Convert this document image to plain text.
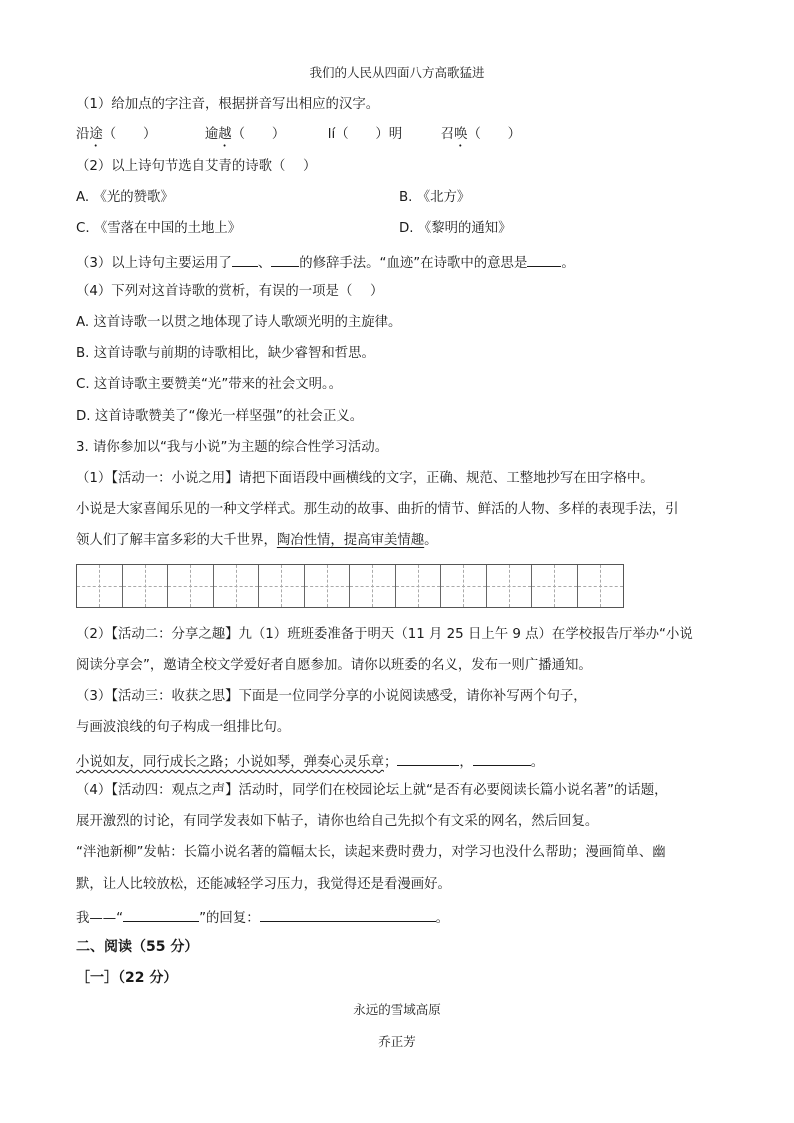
我们的人民从四面八方高歌猛进
（1）给加点的字注音，根据拼音写出相应的汉字。
沿途（　　）	逾越（　　）	lí（　　）明	召唤（　　）
（2）以上诗句节选自艾青的诗歌（　 ）
A. 《光的赞歌》	B. 《北方》
C. 《雪落在中国的土地上》	D. 《黎明的通知》
（3）以上诗句主要运用了 、 的修辞手法。“血迹”在诗歌中的意思是	。
（4）下列对这首诗歌的赏析，有误的一项是（　 ）
A. 这首诗歌一以贯之地体现了诗人歌颂光明的主旋律。
B. 这首诗歌与前期的诗歌相比，缺少睿智和哲思。
C. 这首诗歌主要赞美“光”带来的社会文明。。
D. 这首诗歌赞美了“像光一样坚强”的社会正义。
3. 请你参加以“我与小说”为主题的综合性学习活动。
（1）【活动一：小说之用】请把下面语段中画横线的文字，正确、规范、工整地抄写在田字格中。
小说是大家喜闻乐见的一种文学样式。那生动的故事、曲折的情节、鲜活的人物、多样的表现手法，引
领人们了解丰富多彩的大千世界，陶冶性情，提高审美情趣。
（2）【活动二：分享之趣】九（1）班班委准备于明天（11 月 25 日上午 9 点）在学校报告厅举办“小说
阅读分享会”，邀请全校文学爱好者自愿参加。请你以班委的名义，发布一则广播通知。
（3）【活动三：收获之思】下面是一位同学分享的小说阅读感受，请你补写两个句子，
与画波浪线的句子构成一组排比句。
小说如友，同行成长之路；小说如琴，弹奏心灵乐章；	，	。
（4）【活动四：观点之声】活动时，同学们在校园论坛上就“是否有必要阅读长篇小说名著”的话题，
展开激烈的讨论，有同学发表如下帖子，请你也给自己先拟个有文采的网名，然后回复。
“泮池新柳”发帖：长篇小说名著的篇幅太长，读起来费时费力，对学习也没什么帮助；漫画简单、幽
默，让人比较放松，还能减轻学习压力，我觉得还是看漫画好。
我——“	”的回复：	。
二、阅读（55 分）
［一］（22 分）
永远的雪域高原
乔正芳
